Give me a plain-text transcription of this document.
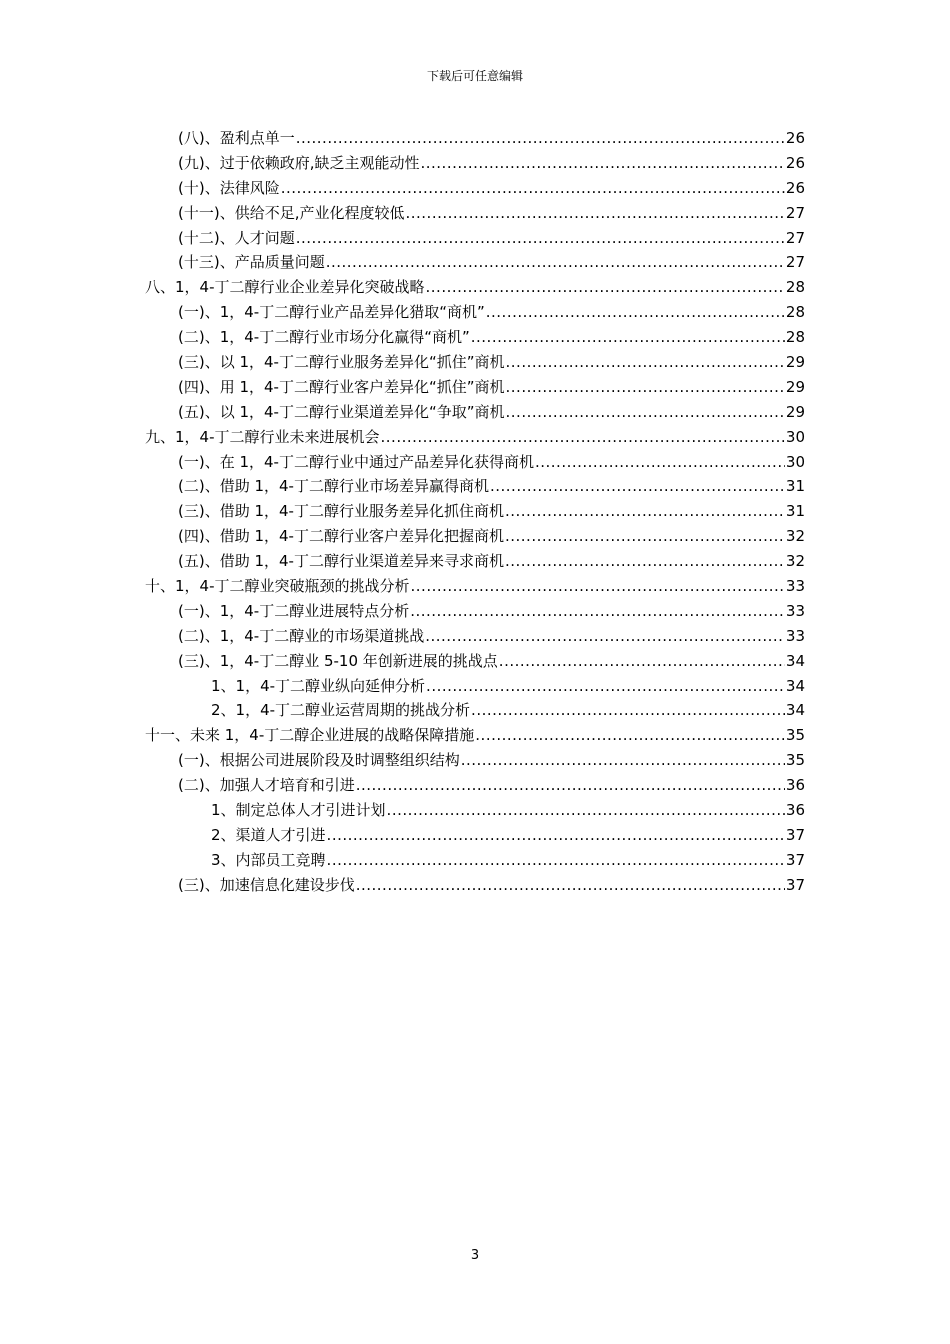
下载后可任意编辑
(八)、盈利点单一 .....	26
(九)、过于依赖政府,缺乏主观能动性 .....	26
(十)、法律风险 .....	26
(十一)、供给不足,产业化程度较低 .....	27
(十二)、人才问题 .....	27
(十三)、产品质量问题 .....	27
八、1，4-丁二醇行业企业差异化突破战略 .....	28
(一)、1，4-丁二醇行业产品差异化猎取“商机” .....	28
(二)、1，4-丁二醇行业市场分化赢得“商机” .....	28
(三)、以 1，4-丁二醇行业服务差异化“抓住”商机 .....	29
(四)、用 1，4-丁二醇行业客户差异化“抓住”商机 .....	29
(五)、以 1，4-丁二醇行业渠道差异化“争取”商机 .....	29
九、1，4-丁二醇行业未来进展机会 .....	30
(一)、在 1，4-丁二醇行业中通过产品差异化获得商机 .....	30
(二)、借助 1，4-丁二醇行业市场差异赢得商机 .....	31
(三)、借助 1，4-丁二醇行业服务差异化抓住商机 .....	31
(四)、借助 1，4-丁二醇行业客户差异化把握商机 .....	32
(五)、借助 1，4-丁二醇行业渠道差异来寻求商机 .....	32
十、1，4-丁二醇业突破瓶颈的挑战分析 .....	33
(一)、1，4-丁二醇业进展特点分析 .....	33
(二)、1，4-丁二醇业的市场渠道挑战 .....	33
(三)、1，4-丁二醇业 5-10 年创新进展的挑战点 .....	34
1、1，4-丁二醇业纵向延伸分析 .....	34
2、1，4-丁二醇业运营周期的挑战分析 .....	34
十一、未来 1，4-丁二醇企业进展的战略保障措施 .....	35
(一)、根据公司进展阶段及时调整组织结构 .....	35
(二)、加强人才培育和引进 .....	36
1、制定总体人才引进计划 .....	36
2、渠道人才引进 .....	37
3、内部员工竞聘 .....	37
(三)、加速信息化建设步伐 .....	37
3
